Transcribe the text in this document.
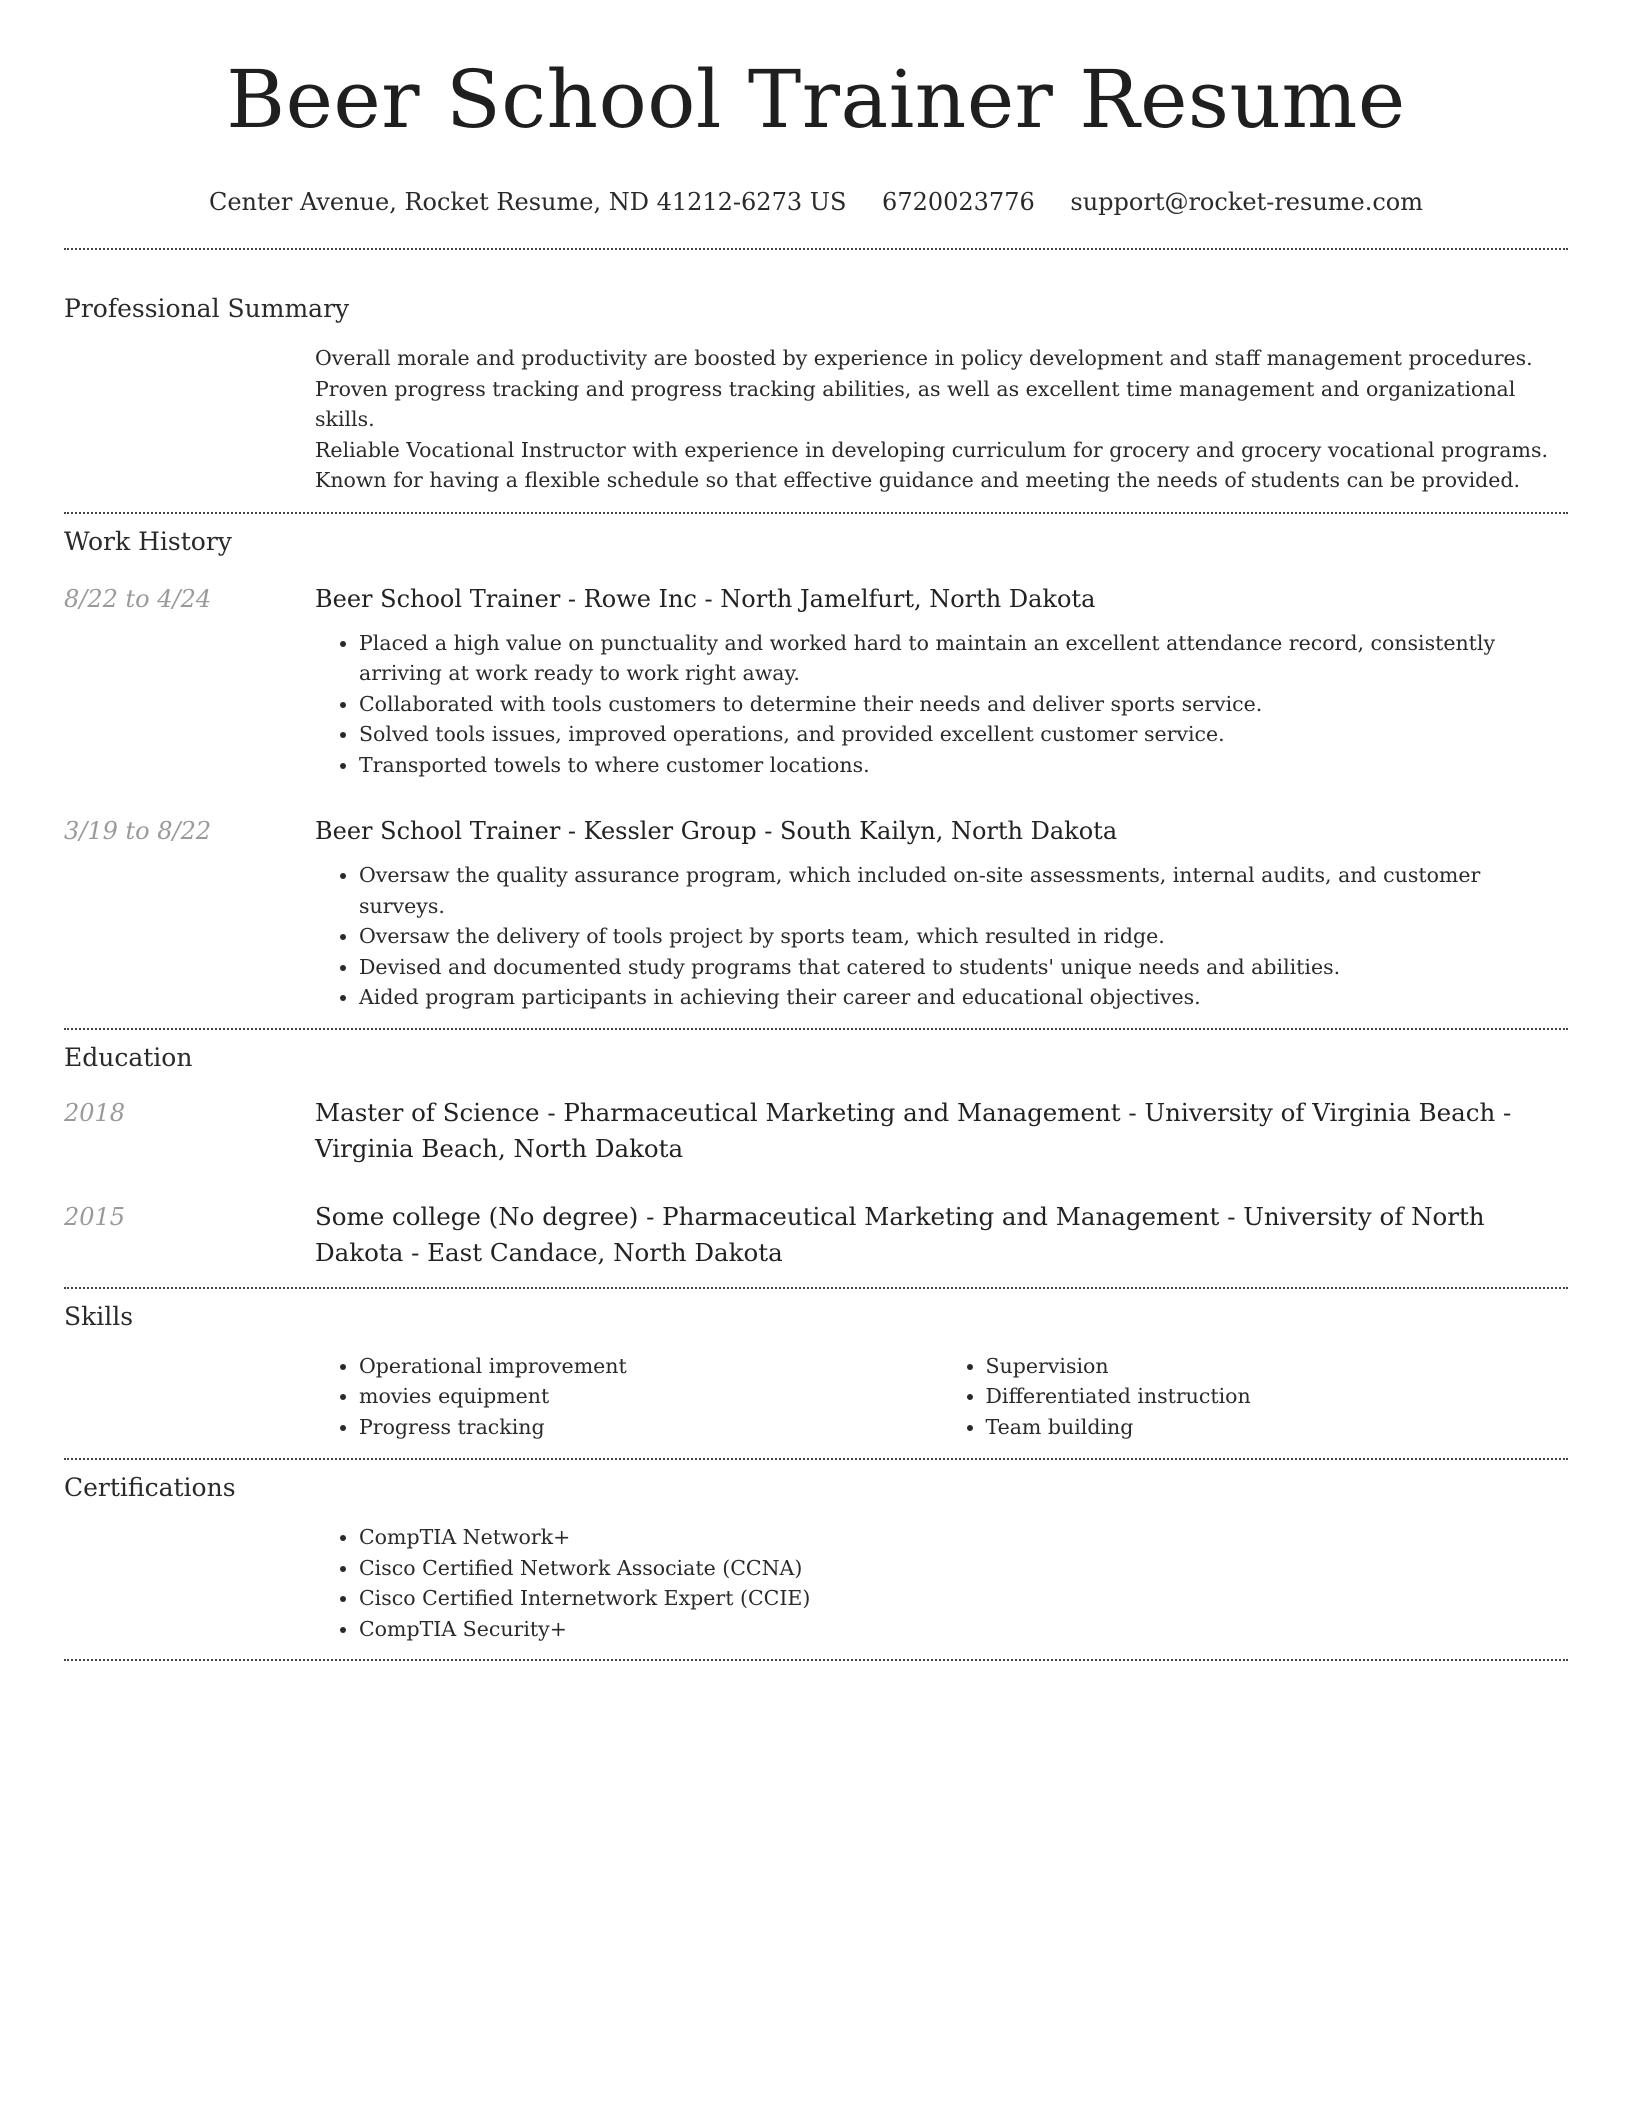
Beer School Trainer Resume
Center Avenue, Rocket Resume, ND 41212-6273 US 6720023776 support@rocket-resume.com
Professional Summary
Overall morale and productivity are boosted by experience in policy development and staff management procedures.
Proven progress tracking and progress tracking abilities, as well as excellent time management and organizational skills.
Reliable Vocational Instructor with experience in developing curriculum for grocery and grocery vocational programs.
Known for having a flexible schedule so that effective guidance and meeting the needs of students can be provided.
Work History
8/22 to 4/24	Beer School Trainer - Rowe Inc - North Jamelfurt, North Dakota
• Placed a high value on punctuality and worked hard to maintain an excellent attendance record, consistently arriving at work ready to work right away.
• Collaborated with tools customers to determine their needs and deliver sports service.
• Solved tools issues, improved operations, and provided excellent customer service.
• Transported towels to where customer locations.
3/19 to 8/22	Beer School Trainer - Kessler Group - South Kailyn, North Dakota
• Oversaw the quality assurance program, which included on-site assessments, internal audits, and customer surveys.
• Oversaw the delivery of tools project by sports team, which resulted in ridge.
• Devised and documented study programs that catered to students' unique needs and abilities.
• Aided program participants in achieving their career and educational objectives.
Education
2018	Master of Science - Pharmaceutical Marketing and Management - University of Virginia Beach - Virginia Beach, North Dakota
2015	Some college (No degree) - Pharmaceutical Marketing and Management - University of North Dakota - East Candace, North Dakota
Skills
• Operational improvement
• movies equipment
• Progress tracking
• Supervision
• Differentiated instruction
• Team building
Certifications
• CompTIA Network+
• Cisco Certified Network Associate (CCNA)
• Cisco Certified Internetwork Expert (CCIE)
• CompTIA Security+
